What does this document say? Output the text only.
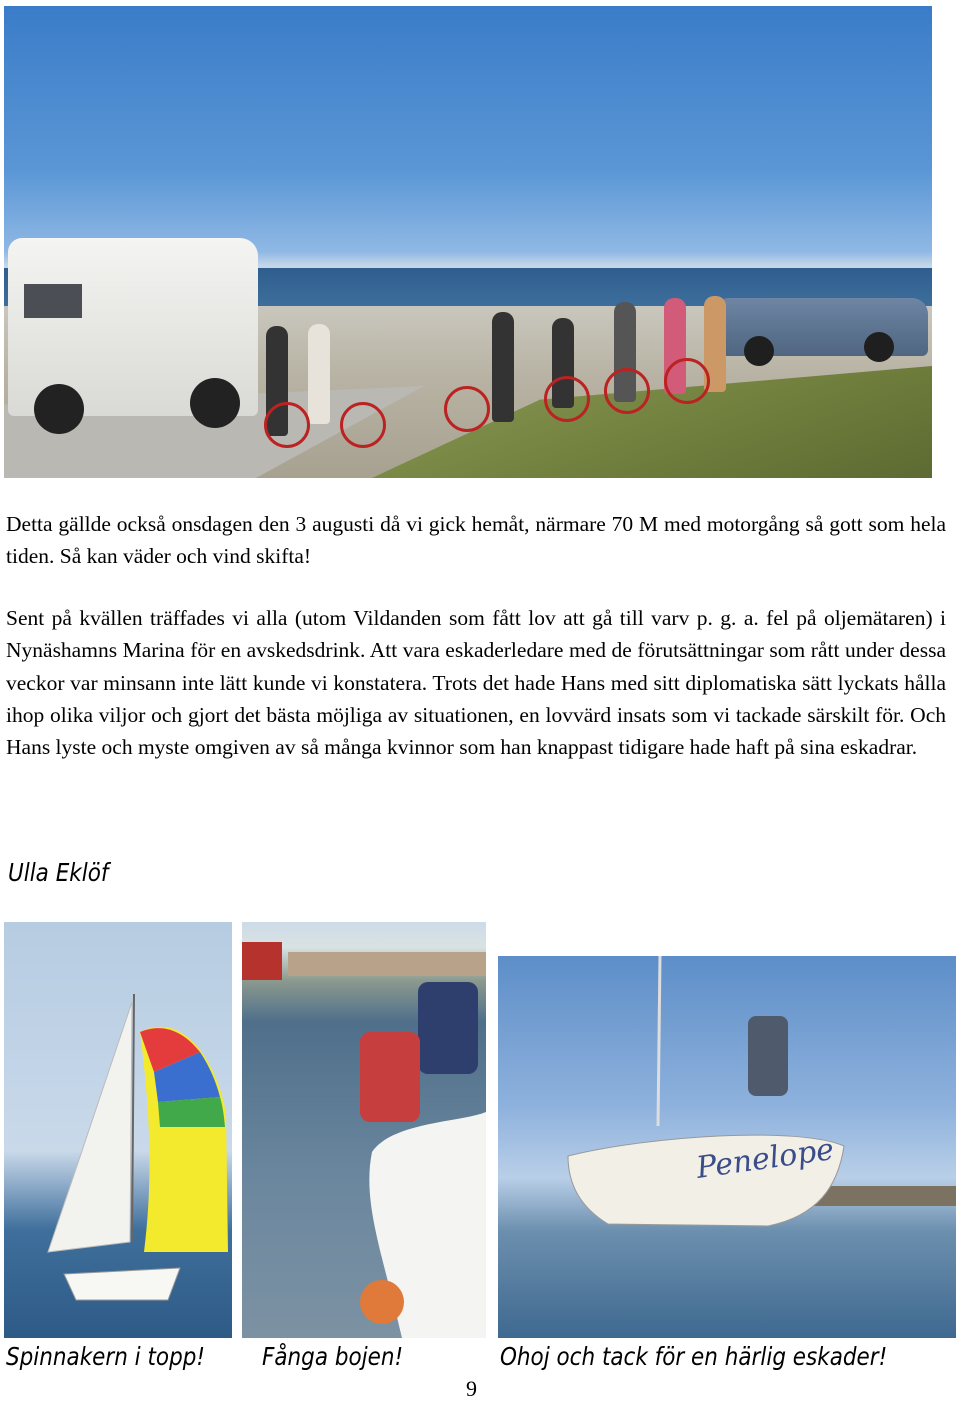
Detta gällde också onsdagen den 3 augusti då vi gick hemåt, närmare 70 M med motorgång så gott som hela tiden. Så kan väder och vind skifta!

Sent på kvällen träffades vi alla (utom Vildanden som fått lov att gå till varv p. g. a. fel på oljemätaren) i Nynäshamns Marina för en avskedsdrink. Att vara eskaderledare med de förutsättningar som rått under dessa veckor var minsann inte lätt kunde vi konstatera. Trots det hade Hans med sitt diplomatiska sätt lyckats hålla ihop olika viljor och gjort det bästa möjliga av situationen, en lovvärd insats som vi tackade särskilt för. Och Hans lyste och myste omgiven av så många kvinnor som han knappast tidigare hade haft på sina eskadrar.

Ulla Eklöf
Penelope
Spinnakern i topp! Fånga bojen!	Ohoj och tack för en härlig eskader!
9
